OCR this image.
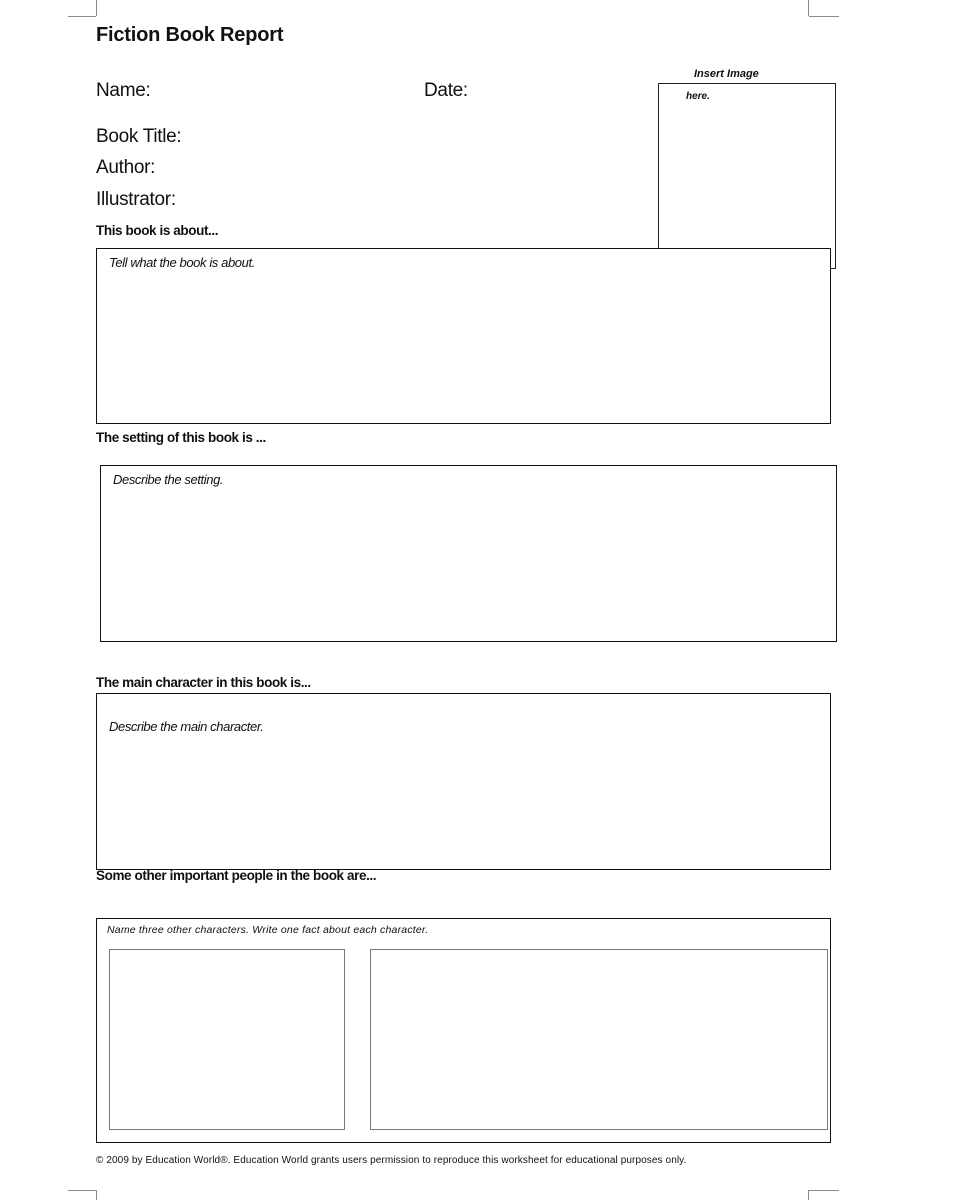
Fiction Book Report
Name:	Date:
Book Title:
Author:
Illustrator:
Insert Image
here.
This book is about...
Tell what the book is about.
The setting of this book is ...
Describe the setting.
The main character in this book is...
Describe the main character.
Some other important people in the book are...
Name three other characters. Write one fact about each character.
© 2009 by Education World®. Education World grants users permission to reproduce this worksheet for educational purposes only.
